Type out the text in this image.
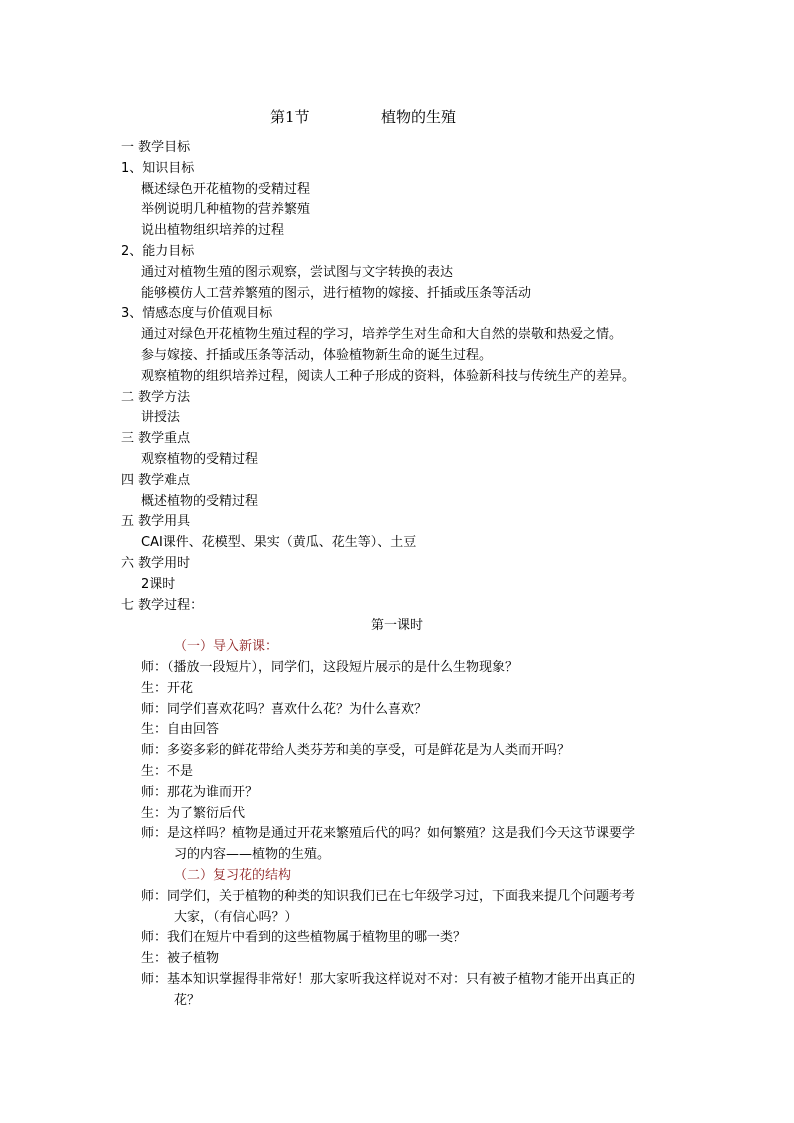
第1节	植物的生殖
一 教学目标
1、知识目标
概述绿色开花植物的受精过程
举例说明几种植物的营养繁殖
说出植物组织培养的过程
2、能力目标
通过对植物生殖的图示观察，尝试图与文字转换的表达
能够模仿人工营养繁殖的图示，进行植物的嫁接、扦插或压条等活动
3、情感态度与价值观目标
通过对绿色开花植物生殖过程的学习，培养学生对生命和大自然的崇敬和热爱之情。
参与嫁接、扦插或压条等活动，体验植物新生命的诞生过程。
观察植物的组织培养过程，阅读人工种子形成的资料，体验新科技与传统生产的差异。
二 教学方法
讲授法
三 教学重点
观察植物的受精过程
四 教学难点
概述植物的受精过程
五 教学用具
CAI课件、花模型、果实（黄瓜、花生等）、土豆
六 教学用时
2课时
七 教学过程：
第一课时
（一）导入新课：
师：（播放一段短片），同学们，这段短片展示的是什么生物现象？
生：开花
师：同学们喜欢花吗？喜欢什么花？为什么喜欢？
生：自由回答
师：多姿多彩的鲜花带给人类芬芳和美的享受，可是鲜花是为人类而开吗？
生：不是
师：那花为谁而开？
生：为了繁衍后代
师：是这样吗？植物是通过开花来繁殖后代的吗？如何繁殖？这是我们今天这节课要学
习的内容——植物的生殖。
（二）复习花的结构
师：同学们，关于植物的种类的知识我们已在七年级学习过，下面我来提几个问题考考
大家，（有信心吗？）
师：我们在短片中看到的这些植物属于植物里的哪一类？
生：被子植物
师：基本知识掌握得非常好！那大家听我这样说对不对：只有被子植物才能开出真正的
花？
